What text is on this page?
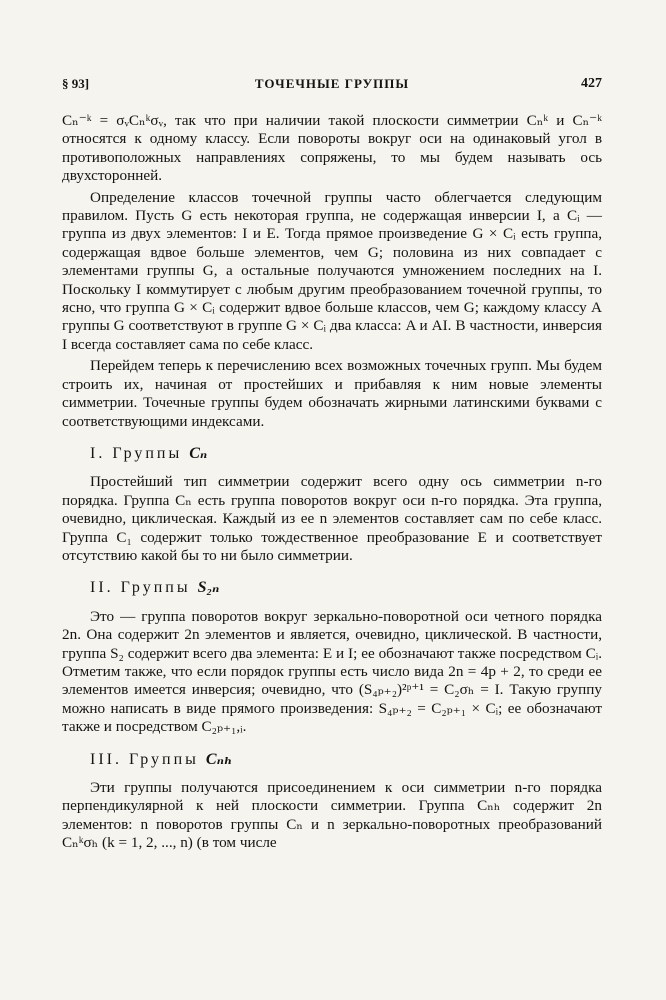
§ 93]	ТОЧЕЧНЫЕ ГРУППЫ	427

Cₙ⁻ᵏ = σᵥCₙᵏσᵥ, так что при наличии такой плоскости симметрии Cₙᵏ и Cₙ⁻ᵏ относятся к одному классу. Если повороты вокруг оси на одинаковый угол в противоположных направлениях сопряжены, то мы будем называть ось двухсторонней.

Определение классов точечной группы часто облегчается следующим правилом. Пусть G есть некоторая группа, не содержащая инверсии I, а Cᵢ — группа из двух элементов: I и E. Тогда прямое произведение G × Cᵢ есть группа, содержащая вдвое больше элементов, чем G; половина из них совпадает с элементами группы G, а остальные получаются умножением последних на I. Поскольку I коммутирует с любым другим преобразованием точечной группы, то ясно, что группа G × Cᵢ содержит вдвое больше классов, чем G; каждому классу A группы G соответствуют в группе G × Cᵢ два класса: A и AI. В частности, инверсия I всегда составляет сама по себе класс.

Перейдем теперь к перечислению всех возможных точечных групп. Мы будем строить их, начиная от простейших и прибавляя к ним новые элементы симметрии. Точечные группы будем обозначать жирными латинскими буквами с соответствующими индексами.

I. Группы Cₙ

Простейший тип симметрии содержит всего одну ось симметрии n-го порядка. Группа Cₙ есть группа поворотов вокруг оси n-го порядка. Эта группа, очевидно, циклическая. Каждый из ее n элементов составляет сам по себе класс. Группа C₁ содержит только тождественное преобразование E и соответствует отсутствию какой бы то ни было симметрии.

II. Группы S₂ₙ

Это — группа поворотов вокруг зеркально-поворотной оси четного порядка 2n. Она содержит 2n элементов и является, очевидно, циклической. В частности, группа S₂ содержит всего два элемента: E и I; ее обозначают также посредством Cᵢ. Отметим также, что если порядок группы есть число вида 2n = 4p + 2, то среди ее элементов имеется инверсия; очевидно, что (S₄ₚ₊₂)²ᵖ⁺¹ = C₂σₕ = I. Такую группу можно написать в виде прямого произведения: S₄ₚ₊₂ = C₂ₚ₊₁ × Cᵢ; ее обозначают также и посредством C₂ₚ₊₁,ᵢ.

III. Группы Cₙₕ

Эти группы получаются присоединением к оси симметрии n-го порядка перпендикулярной к ней плоскости симметрии. Группа Cₙₕ содержит 2n элементов: n поворотов группы Cₙ и n зеркально-поворотных преобразований Cₙᵏσₕ (k = 1, 2, ..., n) (в том числе
